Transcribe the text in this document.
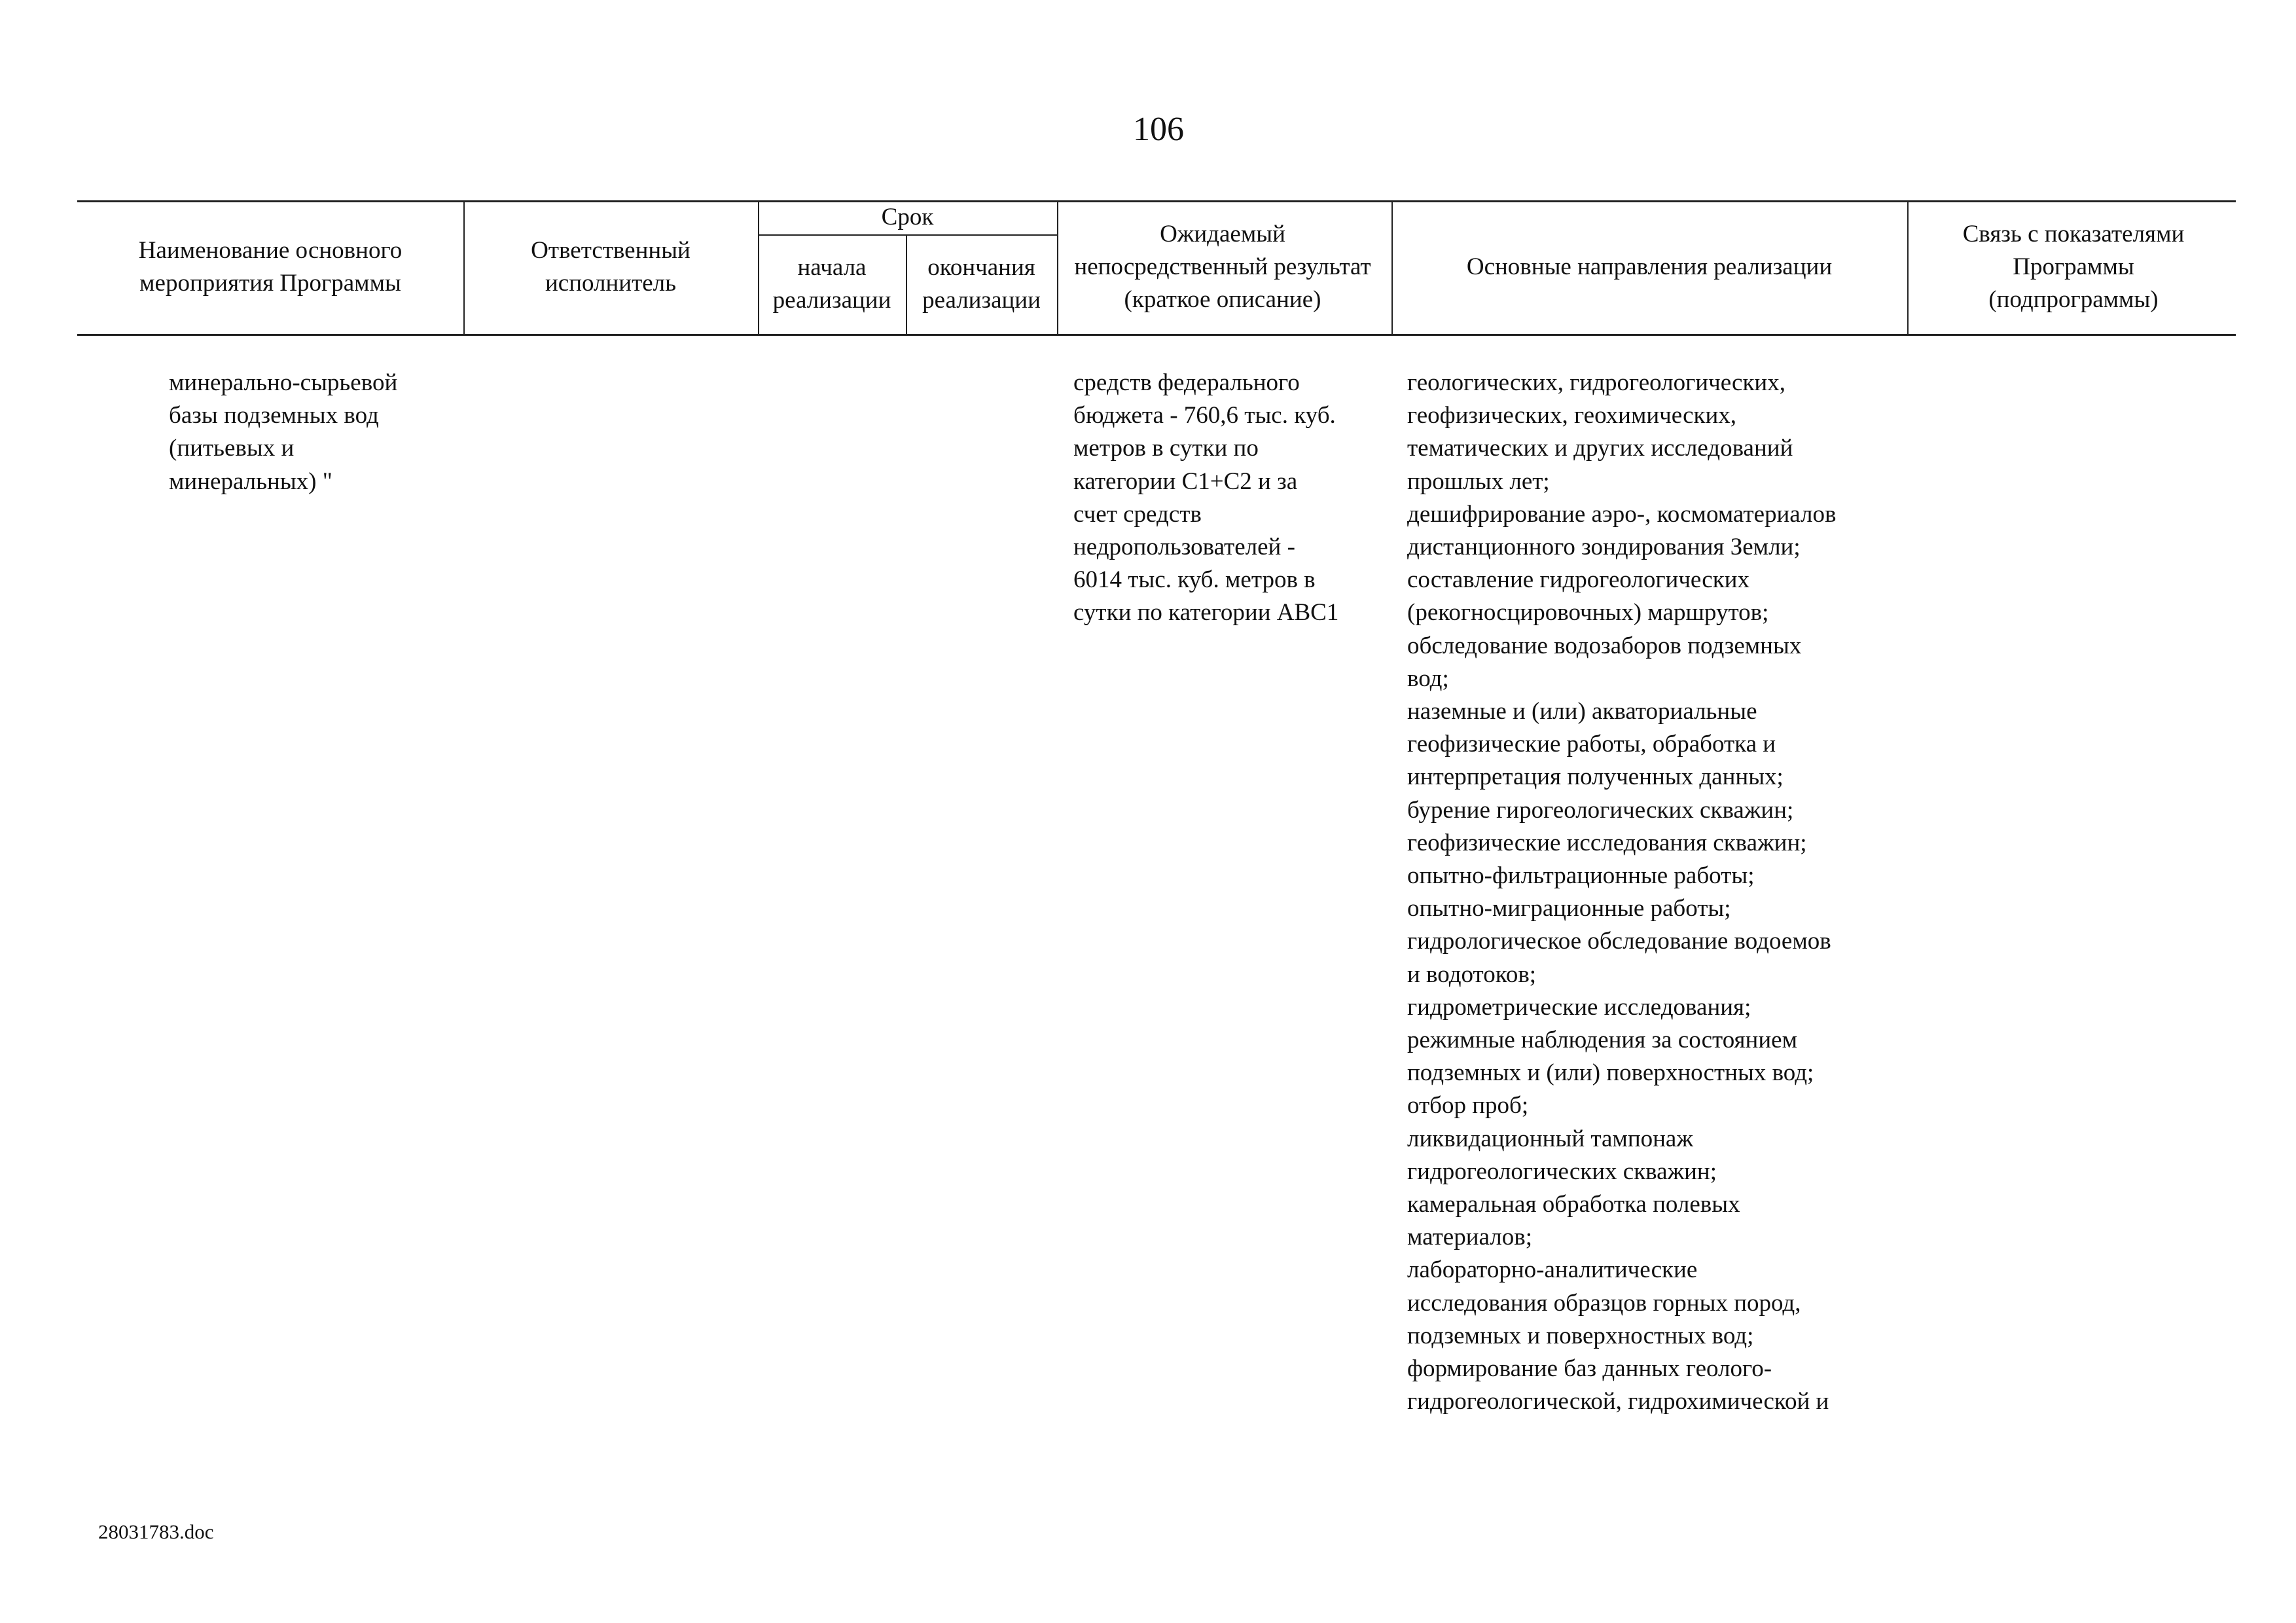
106
Наименование основного мероприятия Программы
Ответственный исполнитель
Срок
начала реализации
окончания реализации
Ожидаемый непосредственный результат (краткое описание)
Основные направления реализации
Связь с показателями Программы (подпрограммы)
минерально-сырьевой
базы подземных вод
(питьевых и
минеральных) "
средств федерального
бюджета - 760,6 тыс. куб.
метров в сутки по
категории С1+С2 и за
счет средств
недропользователей -
6014 тыс. куб. метров в
сутки по категории АВС1
геологических, гидрогеологических,
геофизических, геохимических,
тематических и других исследований
прошлых лет;
дешифрирование аэро-, космоматериалов
дистанционного зондирования Земли;
составление гидрогеологических
(рекогносцировочных) маршрутов;
обследование водозаборов подземных
вод;
наземные и (или) акваториальные
геофизические работы, обработка и
интерпретация полученных данных;
бурение гирогеологических скважин;
геофизические исследования скважин;
опытно-фильтрационные работы;
опытно-миграционные работы;
гидрологическое обследование водоемов
и водотоков;
гидрометрические исследования;
режимные наблюдения за состоянием
подземных и (или) поверхностных вод;
отбор проб;
ликвидационный тампонаж
гидрогеологических скважин;
камеральная обработка полевых
материалов;
лабораторно-аналитические
исследования образцов горных пород,
подземных и поверхностных вод;
формирование баз данных геолого-
гидрогеологической, гидрохимической и
28031783.doc
